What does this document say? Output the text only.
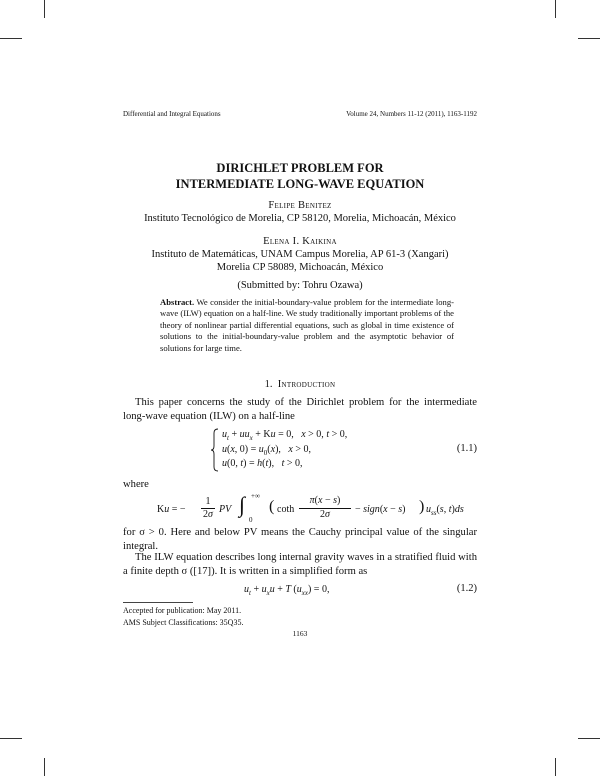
Differential and Integral Equations	Volume 24, Numbers 11-12 (2011), 1163-1192
DIRICHLET PROBLEM FOR
INTERMEDIATE LONG-WAVE EQUATION
Felipe Benitez
Instituto Tecnológico de Morelia, CP 58120, Morelia, Michoacán, México
Elena I. Kaikina
Instituto de Matemáticas, UNAM Campus Morelia, AP 61-3 (Xangari)
Morelia CP 58089, Michoacán, México
(Submitted by: Tohru Ozawa)
Abstract. We consider the initial-boundary-value problem for the intermediate long-wave (ILW) equation on a half-line. We study traditionally important problems of the theory of nonlinear partial differential equations, such as global in time existence of solutions to the initial-boundary-value problem and the asymptotic behavior of solutions for large time.
1. Introduction
This paper concerns the study of the Dirichlet problem for the intermediate long-wave equation (ILW) on a half-line
$u_t + uu_x + Ku = 0$,   x > 0, t > 0,
u(x, $0) = u_0(x)$,   x > 0,
u(0, t) = h(t),   t > 0,
(1.1)
where
Ku = −
1
2σ PV ∫ +∞
0
( coth
π(x − s)
2σ	− sign(x − s) ) $u_{ss}(s$, t)ds
for σ > 0. Here and below PV means the Cauchy principal value of the singular integral.
The ILW equation describes long internal gravity waves in a stratified fluid with a finite depth σ ([17]). It is written in a simplified form as
$u_t + u_xu + T$ $(u_{xx}) = 0$,	(1.2)
Accepted for publication: May 2011.
AMS Subject Classifications: 35Q35.
1163
